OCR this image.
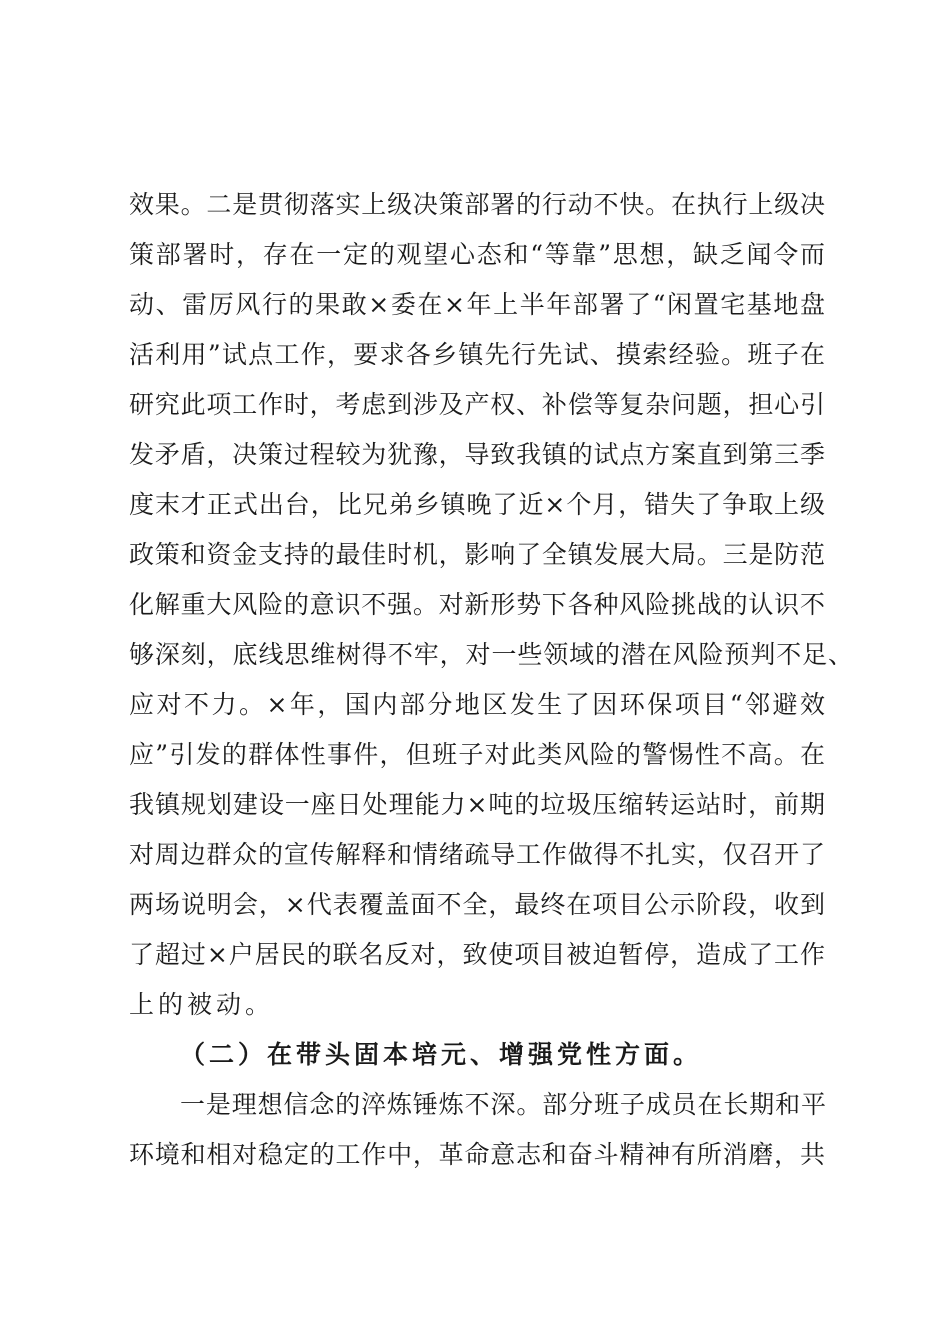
效果。二是贯彻落实上级决策部署的行动不快。在执行上级决
策部署时，存在一定的观望心态和“等靠”思想，缺乏闻令而
动、雷厉风行的果敢×委在×年上半年部署了“闲置宅基地盘
活利用”试点工作，要求各乡镇先行先试、摸索经验。班子在
研究此项工作时，考虑到涉及产权、补偿等复杂问题，担心引
发矛盾，决策过程较为犹豫，导致我镇的试点方案直到第三季
度末才正式出台，比兄弟乡镇晚了近×个月，错失了争取上级
政策和资金支持的最佳时机，影响了全镇发展大局。三是防范
化解重大风险的意识不强。对新形势下各种风险挑战的认识不
够深刻，底线思维树得不牢，对一些领域的潜在风险预判不足、
应对不力。×年，国内部分地区发生了因环保项目“邻避效
应”引发的群体性事件，但班子对此类风险的警惕性不高。在
我镇规划建设一座日处理能力×吨的垃圾压缩转运站时，前期
对周边群众的宣传解释和情绪疏导工作做得不扎实，仅召开了
两场说明会，×代表覆盖面不全，最终在项目公示阶段，收到
了超过×户居民的联名反对，致使项目被迫暂停，造成了工作
上的被动。
（二）在带头固本培元、增强党性方面。
一是理想信念的淬炼锤炼不深。部分班子成员在长期和平
环境和相对稳定的工作中，革命意志和奋斗精神有所消磨，共
